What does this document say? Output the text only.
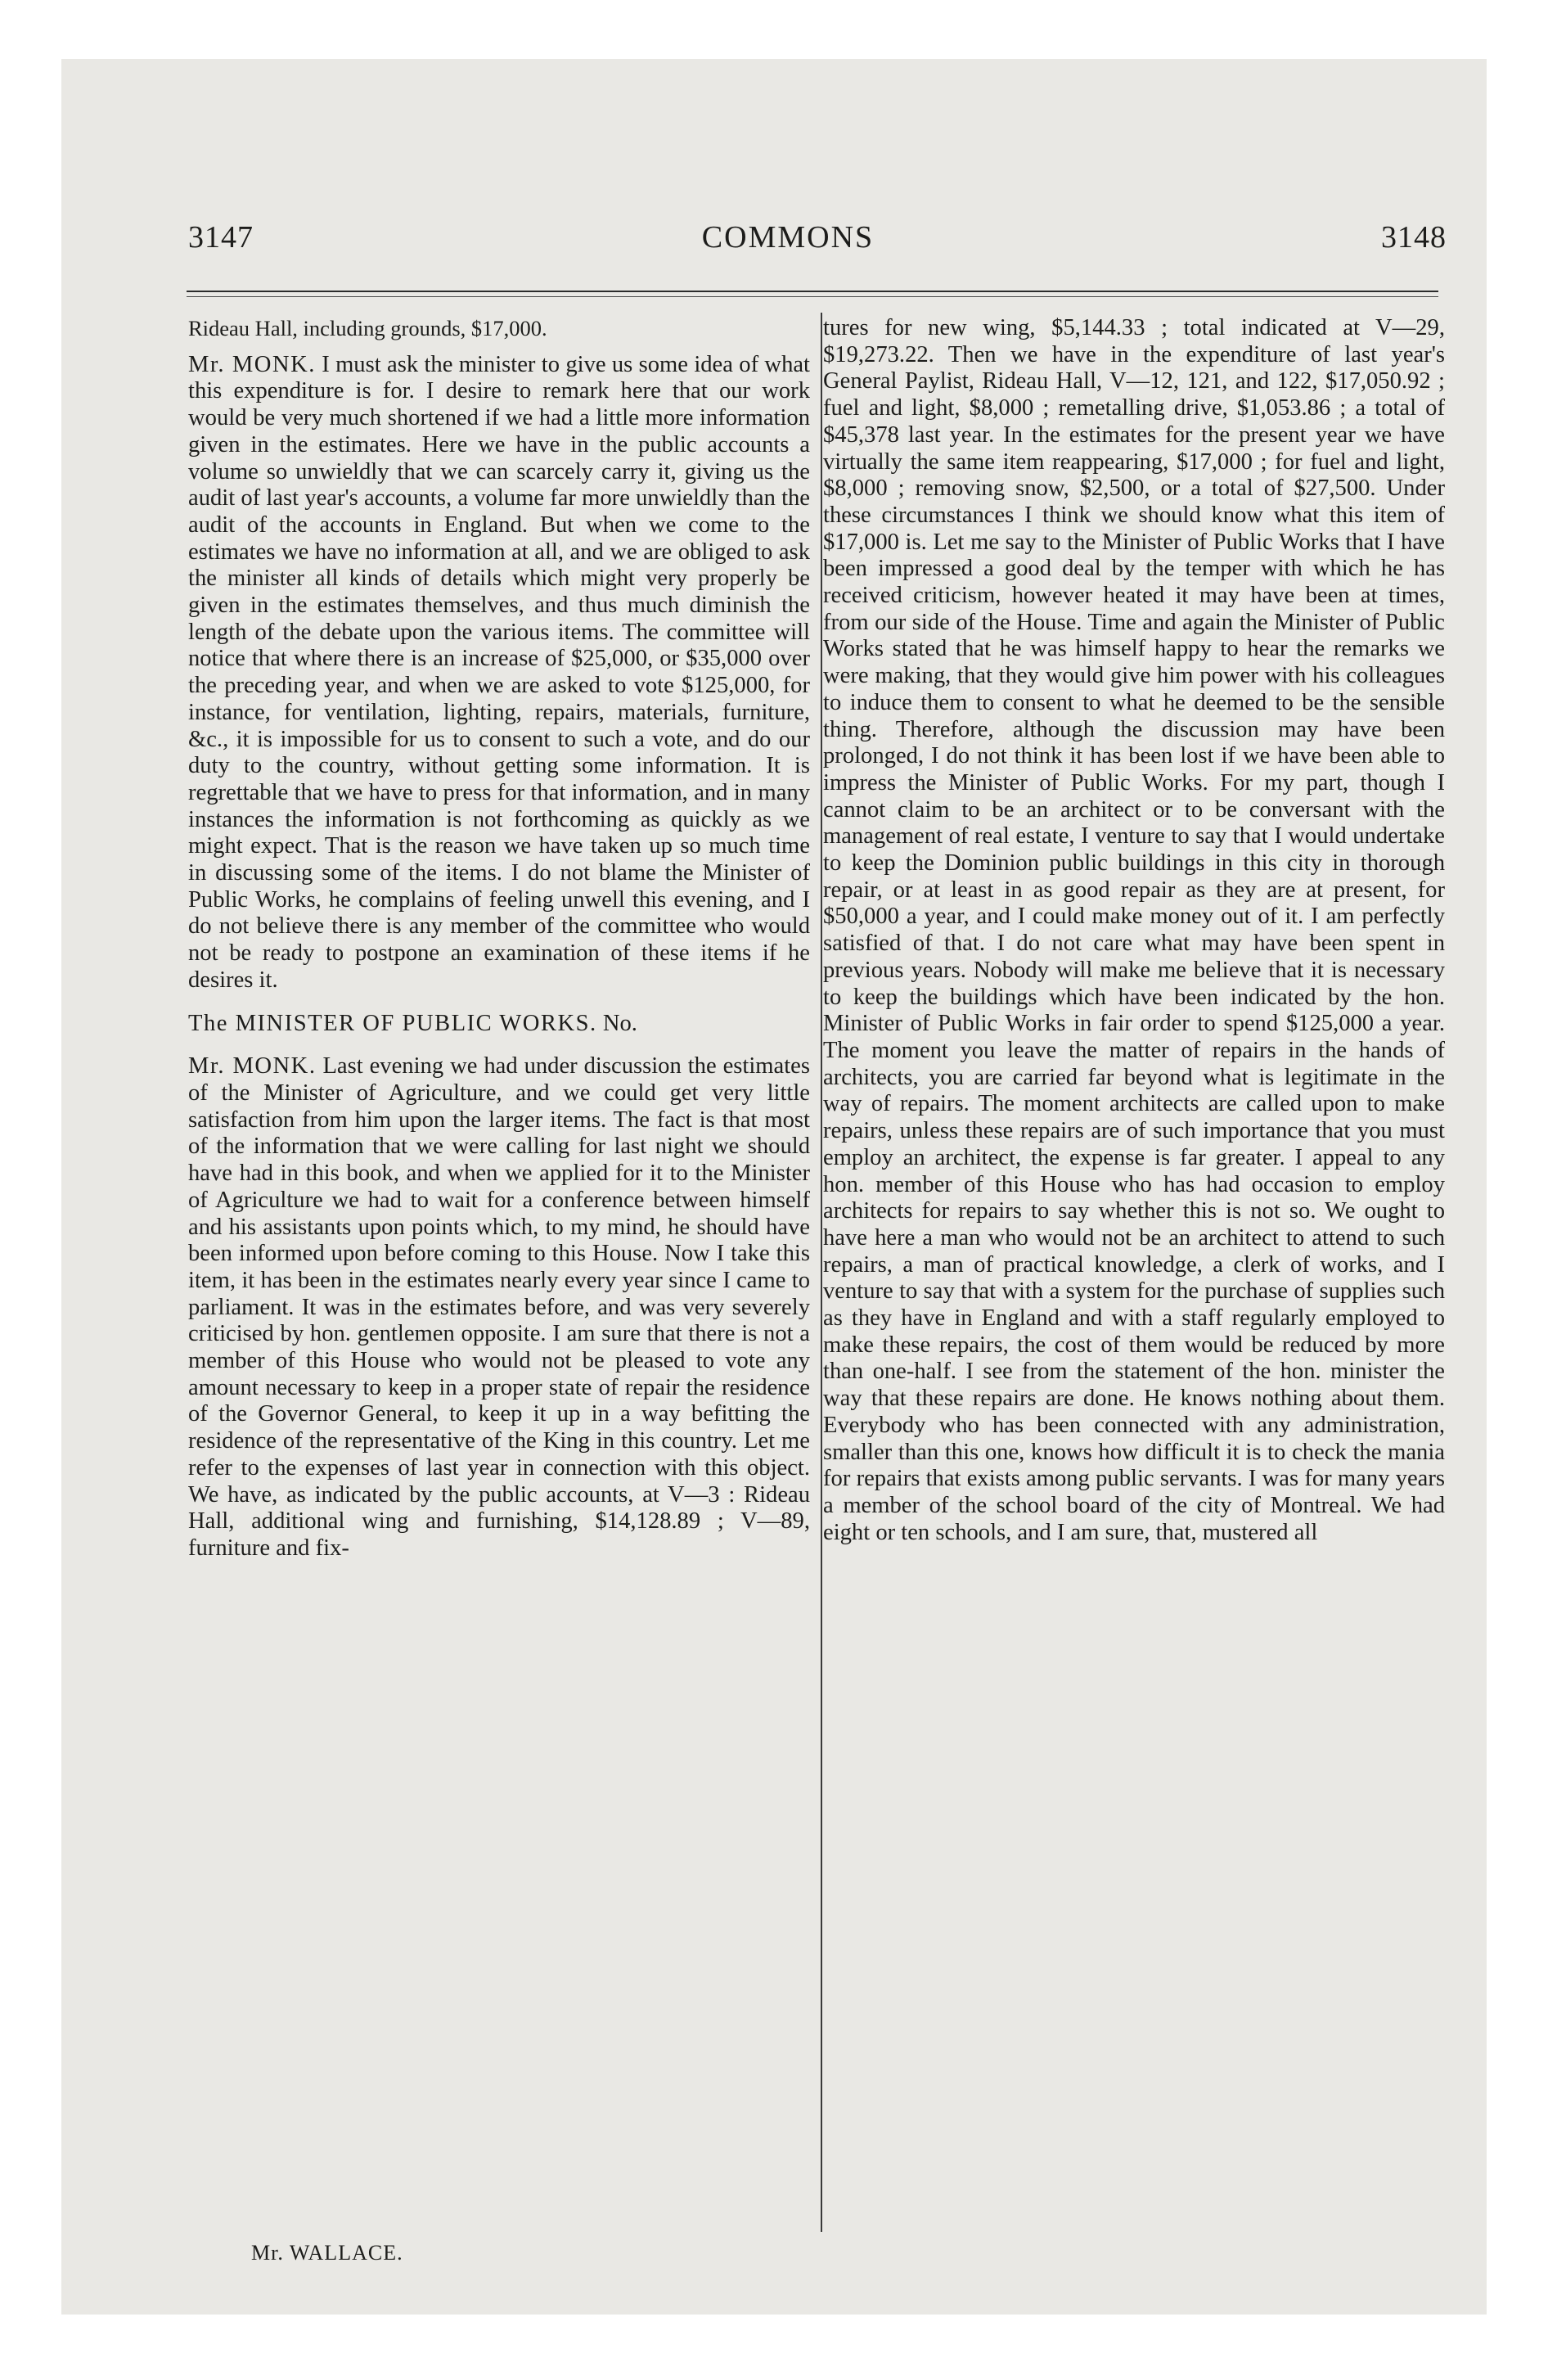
3147	COMMONS	3148

Rideau Hall, including grounds, $17,000.

Mr. MONK. I must ask the minister to give us some idea of what this expenditure is for. I desire to remark here that our work would be very much shortened if we had a little more information given in the estimates. Here we have in the public accounts a volume so unwieldly that we can scarcely carry it, giving us the audit of last year's accounts, a volume far more unwieldly than the audit of the accounts in England. But when we come to the estimates we have no information at all, and we are obliged to ask the minister all kinds of details which might very properly be given in the estimates themselves, and thus much diminish the length of the debate upon the various items. The committee will notice that where there is an increase of $25,000, or $35,000 over the preceding year, and when we are asked to vote $125,000, for instance, for ventilation, lighting, repairs, materials, furniture, &c., it is impossible for us to consent to such a vote, and do our duty to the country, without getting some information. It is regrettable that we have to press for that information, and in many instances the information is not forthcoming as quickly as we might expect. That is the reason we have taken up so much time in discussing some of the items. I do not blame the Minister of Public Works, he complains of feeling unwell this evening, and I do not believe there is any member of the committee who would not be ready to postpone an examination of these items if he desires it.

The MINISTER OF PUBLIC WORKS. No.

Mr. MONK. Last evening we had under discussion the estimates of the Minister of Agriculture, and we could get very little satisfaction from him upon the larger items. The fact is that most of the information that we were calling for last night we should have had in this book, and when we applied for it to the Minister of Agriculture we had to wait for a conference between himself and his assistants upon points which, to my mind, he should have been informed upon before coming to this House. Now I take this item, it has been in the estimates nearly every year since I came to parliament. It was in the estimates before, and was very severely criticised by hon. gentlemen opposite. I am sure that there is not a member of this House who would not be pleased to vote any amount necessary to keep in a proper state of repair the residence of the Governor General, to keep it up in a way befitting the residence of the representative of the King in this country. Let me refer to the expenses of last year in connection with this object. We have, as indicated by the public accounts, at V—3 : Rideau Hall, additional wing and furnishing, $14,128.89 ; V—89, furniture and fix-

tures for new wing, $5,144.33 ; total indicated at V—29, $19,273.22. Then we have in the expenditure of last year's General Paylist, Rideau Hall, V—12, 121, and 122, $17,050.92 ; fuel and light, $8,000 ; remetalling drive, $1,053.86 ; a total of $45,378 last year. In the estimates for the present year we have virtually the same item reappearing, $17,000 ; for fuel and light, $8,000 ; removing snow, $2,500, or a total of $27,500. Under these circumstances I think we should know what this item of $17,000 is. Let me say to the Minister of Public Works that I have been impressed a good deal by the temper with which he has received criticism, however heated it may have been at times, from our side of the House. Time and again the Minister of Public Works stated that he was himself happy to hear the remarks we were making, that they would give him power with his colleagues to induce them to consent to what he deemed to be the sensible thing. Therefore, although the discussion may have been prolonged, I do not think it has been lost if we have been able to impress the Minister of Public Works. For my part, though I cannot claim to be an architect or to be conversant with the management of real estate, I venture to say that I would undertake to keep the Dominion public buildings in this city in thorough repair, or at least in as good repair as they are at present, for $50,000 a year, and I could make money out of it. I am perfectly satisfied of that. I do not care what may have been spent in previous years. Nobody will make me believe that it is necessary to keep the buildings which have been indicated by the hon. Minister of Public Works in fair order to spend $125,000 a year. The moment you leave the matter of repairs in the hands of architects, you are carried far beyond what is legitimate in the way of repairs. The moment architects are called upon to make repairs, unless these repairs are of such importance that you must employ an architect, the expense is far greater. I appeal to any hon. member of this House who has had occasion to employ architects for repairs to say whether this is not so. We ought to have here a man who would not be an architect to attend to such repairs, a man of practical knowledge, a clerk of works, and I venture to say that with a system for the purchase of supplies such as they have in England and with a staff regularly employed to make these repairs, the cost of them would be reduced by more than one-half. I see from the statement of the hon. minister the way that these repairs are done. He knows nothing about them. Everybody who has been connected with any administration, smaller than this one, knows how difficult it is to check the mania for repairs that exists among public servants. I was for many years a member of the school board of the city of Montreal. We had eight or ten schools, and I am sure, that, mustered all

Mr. WALLACE.
